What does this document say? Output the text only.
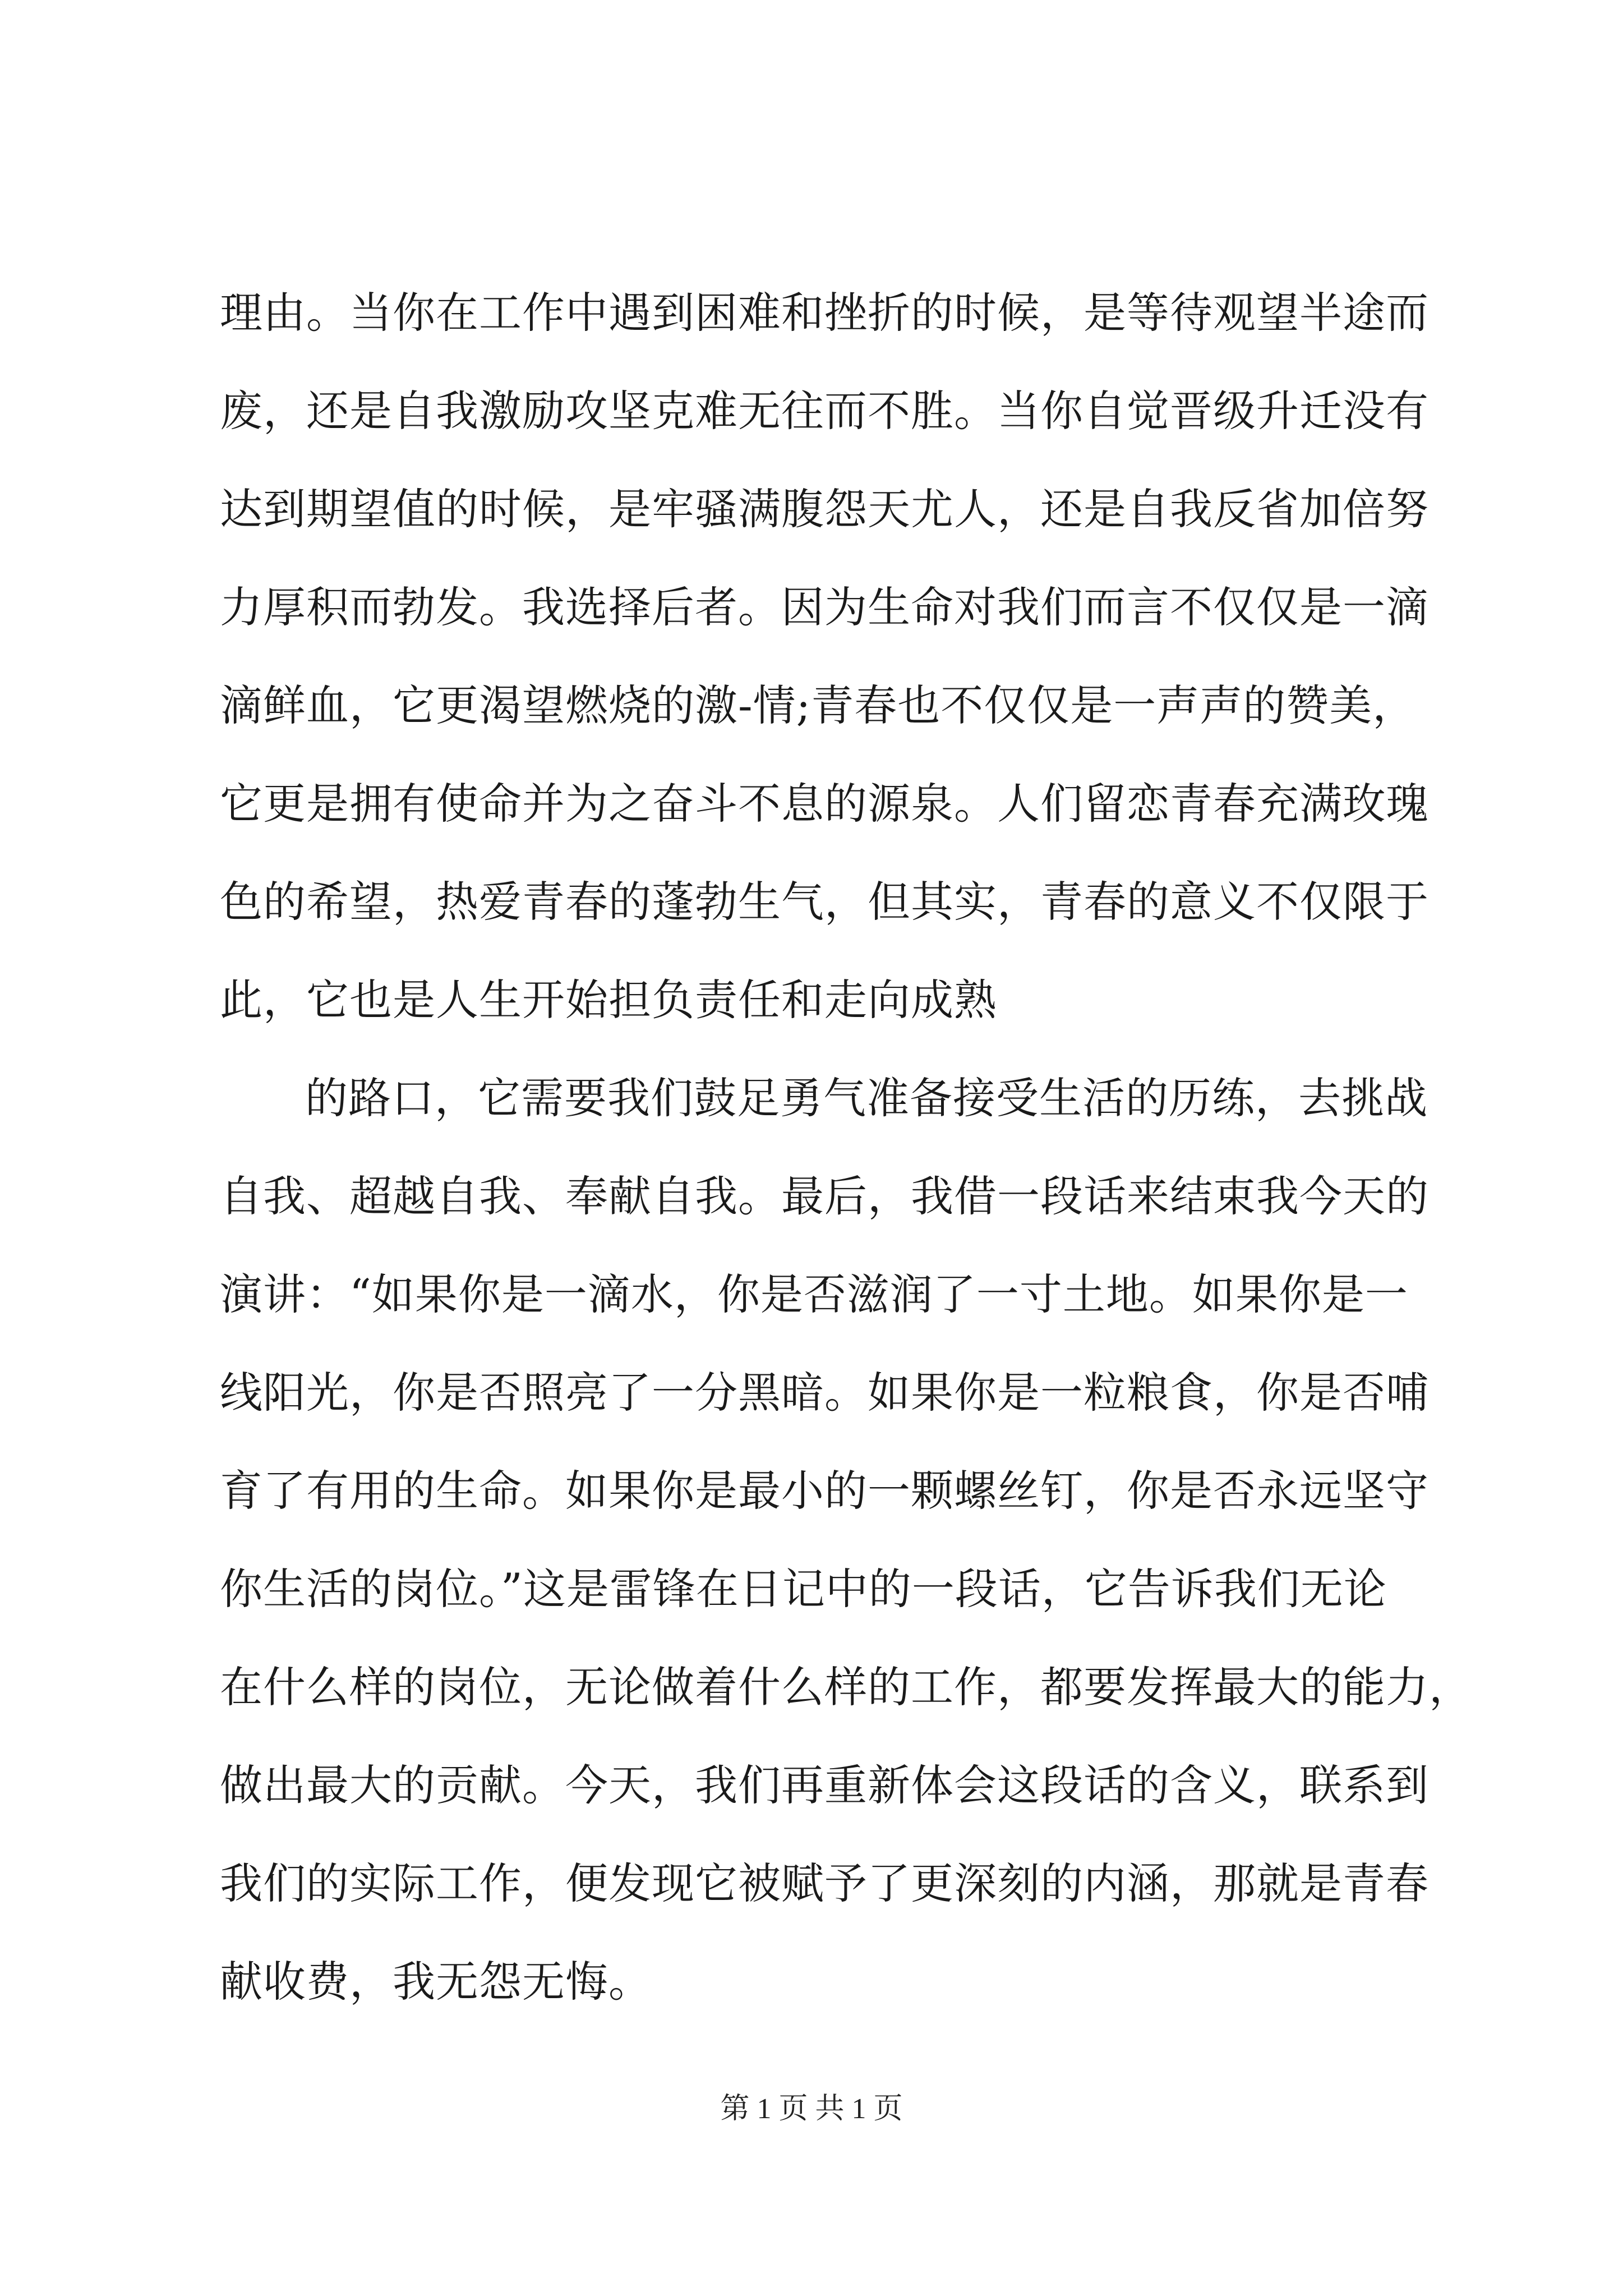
理由。当你在工作中遇到困难和挫折的时候，是等待观望半途而
废，还是自我激励攻坚克难无往而不胜。当你自觉晋级升迁没有
达到期望值的时候，是牢骚满腹怨天尤人，还是自我反省加倍努
力厚积而勃发。我选择后者。因为生命对我们而言不仅仅是一滴
滴鲜血，它更渴望燃烧的激-情;青春也不仅仅是一声声的赞美，
它更是拥有使命并为之奋斗不息的源泉。人们留恋青春充满玫瑰
色的希望，热爱青春的蓬勃生气，但其实，青春的意义不仅限于
此，它也是人生开始担负责任和走向成熟
的路口，它需要我们鼓足勇气准备接受生活的历练，去挑战
自我、超越自我、奉献自我。最后，我借一段话来结束我今天的
演讲：“如果你是一滴水，你是否滋润了一寸土地。如果你是一
线阳光，你是否照亮了一分黑暗。如果你是一粒粮食，你是否哺
育了有用的生命。如果你是最小的一颗螺丝钉，你是否永远坚守
你生活的岗位。”这是雷锋在日记中的一段话，它告诉我们无论
在什么样的岗位，无论做着什么样的工作，都要发挥最大的能力，
做出最大的贡献。今天，我们再重新体会这段话的含义，联系到
我们的实际工作，便发现它被赋予了更深刻的内涵，那就是青春
献收费，我无怨无悔。
第 1 页 共 1 页
